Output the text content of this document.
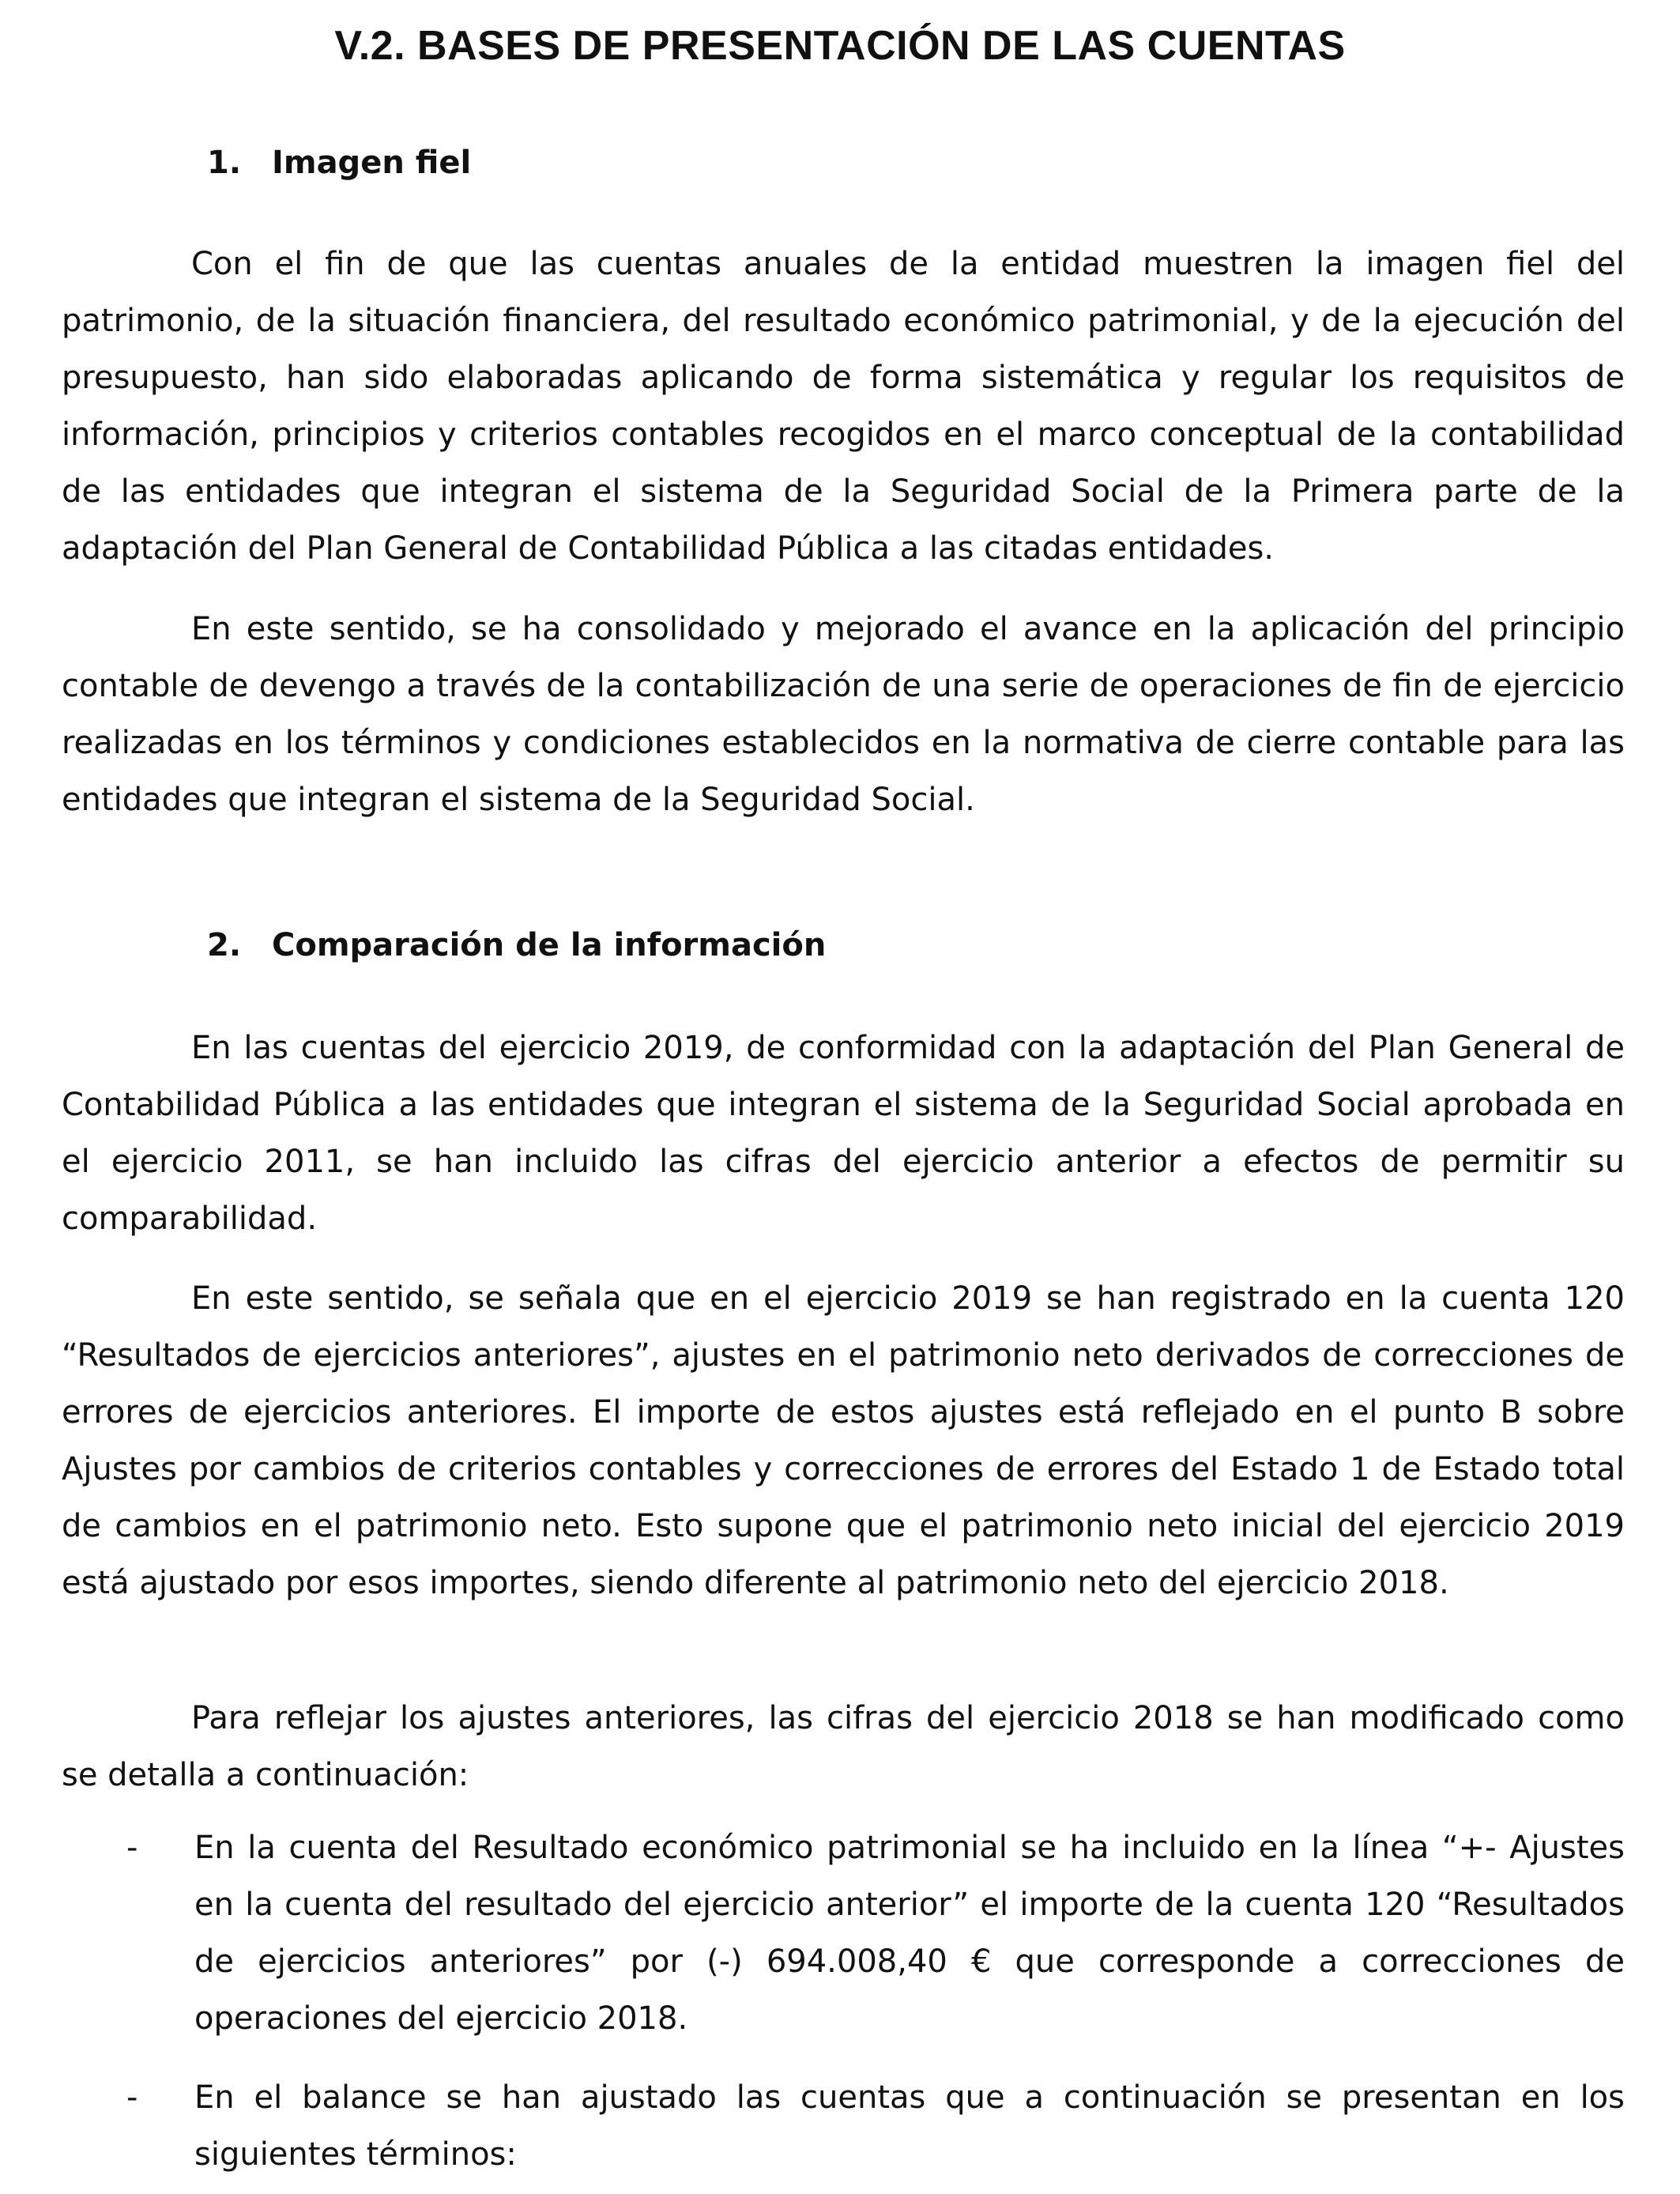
V.2. BASES DE PRESENTACIÓN DE LAS CUENTAS
1. Imagen fiel

Con el fin de que las cuentas anuales de la entidad muestren la imagen fiel del patrimonio, de la situación financiera, del resultado económico patrimonial, y de la ejecución del presupuesto, han sido elaboradas aplicando de forma sistemática y regular los requisitos de información, principios y criterios contables recogidos en el marco conceptual de la contabilidad de las entidades que integran el sistema de la Seguridad Social de la Primera parte de la adaptación del Plan General de Contabilidad Pública a las citadas entidades.

En este sentido, se ha consolidado y mejorado el avance en la aplicación del principio contable de devengo a través de la contabilización de una serie de operaciones de fin de ejercicio realizadas en los términos y condiciones establecidos en la normativa de cierre contable para las entidades que integran el sistema de la Seguridad Social.

2. Comparación de la información

En las cuentas del ejercicio 2019, de conformidad con la adaptación del Plan General de Contabilidad Pública a las entidades que integran el sistema de la Seguridad Social aprobada en el ejercicio 2011, se han incluido las cifras del ejercicio anterior a efectos de permitir su comparabilidad.

En este sentido, se señala que en el ejercicio 2019 se han registrado en la cuenta 120 “Resultados de ejercicios anteriores”, ajustes en el patrimonio neto derivados de correcciones de errores de ejercicios anteriores. El importe de estos ajustes está reflejado en el punto B sobre Ajustes por cambios de criterios contables y correcciones de errores del Estado 1 de Estado total de cambios en el patrimonio neto. Esto supone que el patrimonio neto inicial del ejercicio 2019 está ajustado por esos importes, siendo diferente al patrimonio neto del ejercicio 2018.

Para reflejar los ajustes anteriores, las cifras del ejercicio 2018 se han modificado como se detalla a continuación:

- En la cuenta del Resultado económico patrimonial se ha incluido en la línea “+- Ajustes en la cuenta del resultado del ejercicio anterior” el importe de la cuenta 120 “Resultados de ejercicios anteriores” por (-) 694.008,40 € que corresponde a correcciones de operaciones del ejercicio 2018.
- En el balance se han ajustado las cuentas que a continuación se presentan en los siguientes términos:
